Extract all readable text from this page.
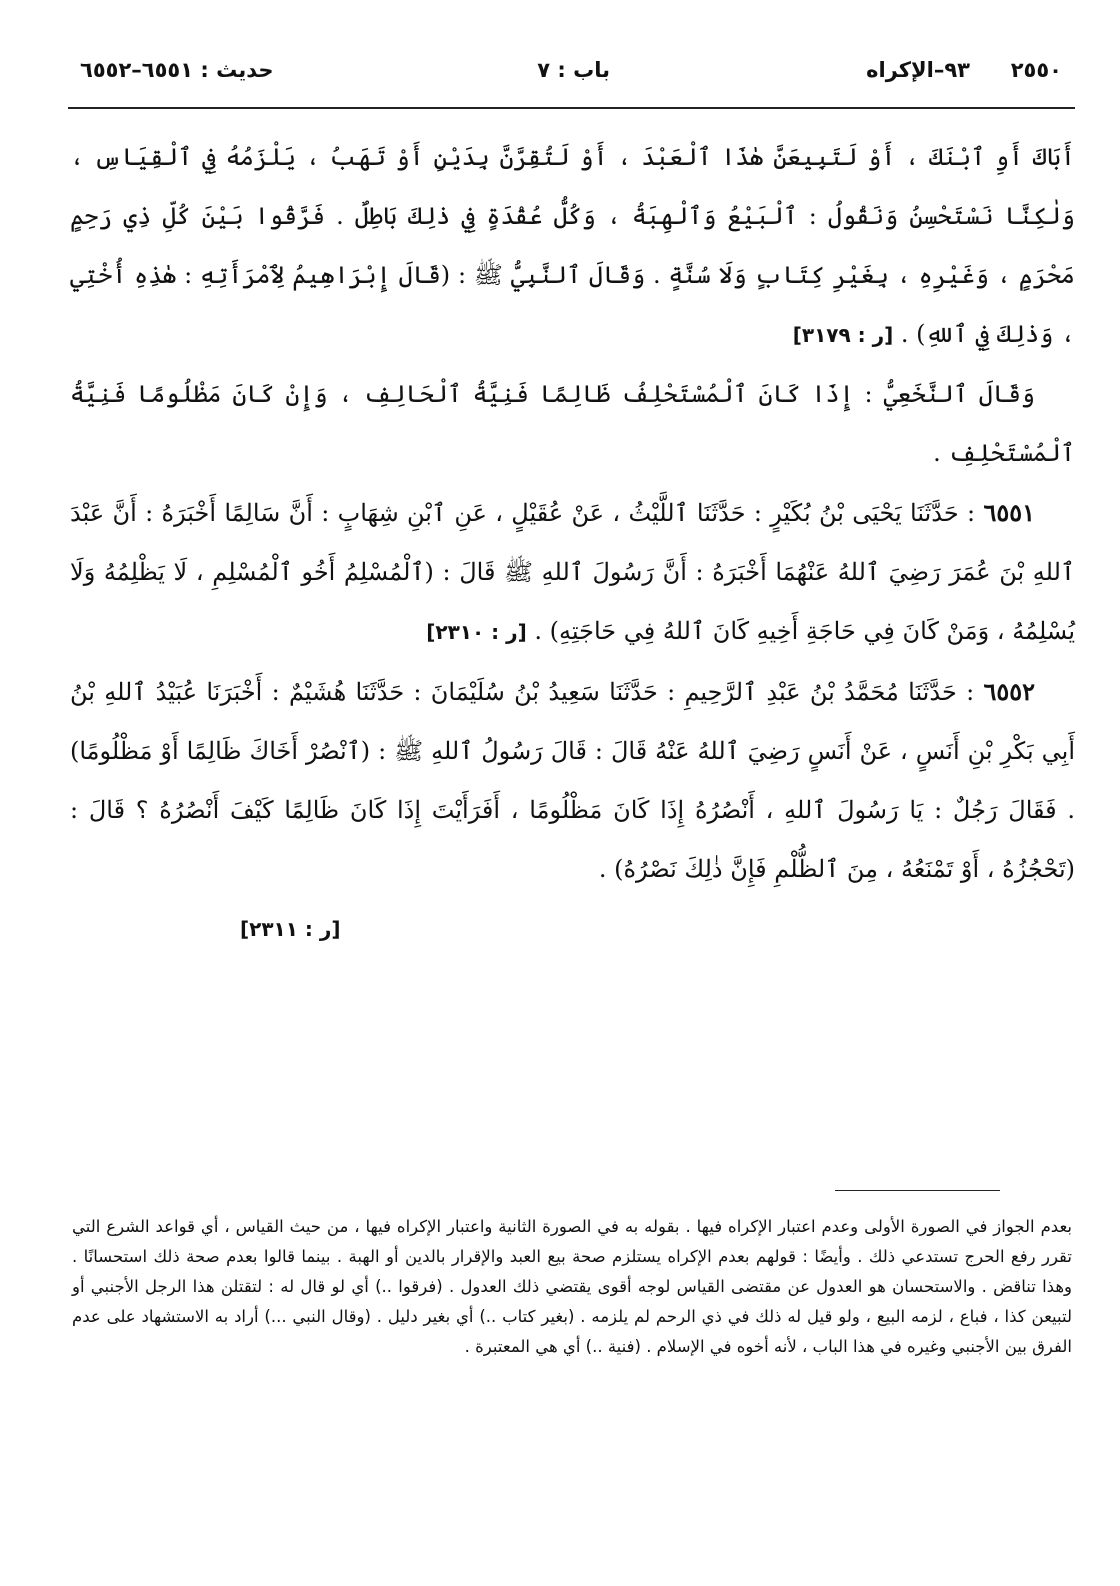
٢٥٥٠
٩٣–الإكراه
باب : ٧
حديث : ٦٥٥١–٦٥٥٢

أَبَاكَ أَوِ ٱبْنَكَ ، أَوْ لَتَبِيعَنَّ هٰذَا ٱلْعَبْدَ ، أَوْ لَتُقِرَّنَّ بِدَيْنٍ أَوْ تَهَبُ ، يَلْزَمُهُ فِي ٱلْقِيَاسِ ، وَلٰكِنَّا نَسْتَحْسِنُ وَنَقُولُ : ٱلْبَيْعُ وَٱلْهِبَةُ ، وَكُلُّ عُقْدَةٍ فِي ذٰلِكَ بَاطِلٌ . فَرَّقُوا بَيْنَ كُلِّ ذِي رَحِمٍ مَحْرَمٍ ، وَغَيْرِهِ ، بِغَيْرِ كِتَابٍ وَلَا سُنَّةٍ . وَقَالَ ٱلنَّبِيُّ ﷺ : (قَالَ إِبْرَاهِيمُ لِٱمْرَأَتِهِ : هٰذِهِ أُخْتِي ، وَذٰلِكَ فِي ٱللهِ) . [ر : ٣١٧٩]

وَقَالَ ٱلنَّخَعِيُّ : إِذَا كَانَ ٱلْمُسْتَحْلِفُ ظَالِمًا فَنِيَّةُ ٱلْحَالِفِ ، وَإِنْ كَانَ مَظْلُومًا فَنِيَّةُ ٱلْمُسْتَحْلِفِ .

٦٥٥١ : حَدَّثَنَا يَحْيَى بْنُ بُكَيْرٍ : حَدَّثَنَا ٱللَّيْثُ ، عَنْ عُقَيْلٍ ، عَنِ ٱبْنِ شِهَابٍ : أَنَّ سَالِمًا أَخْبَرَهُ : أَنَّ عَبْدَ ٱللهِ بْنَ عُمَرَ رَضِيَ ٱللهُ عَنْهُمَا أَخْبَرَهُ : أَنَّ رَسُولَ ٱللهِ ﷺ قَالَ : (ٱلْمُسْلِمُ أَخُو ٱلْمُسْلِمِ ، لَا يَظْلِمُهُ وَلَا يُسْلِمُهُ ، وَمَنْ كَانَ فِي حَاجَةِ أَخِيهِ كَانَ ٱللهُ فِي حَاجَتِهِ) . [ر : ٢٣١٠]

٦٥٥٢ : حَدَّثَنَا مُحَمَّدُ بْنُ عَبْدِ ٱلرَّحِيمِ : حَدَّثَنَا سَعِيدُ بْنُ سُلَيْمَانَ : حَدَّثَنَا هُشَيْمٌ : أَخْبَرَنَا عُبَيْدُ ٱللهِ بْنُ أَبِي بَكْرِ بْنِ أَنَسٍ ، عَنْ أَنَسٍ رَضِيَ ٱللهُ عَنْهُ قَالَ : قَالَ رَسُولُ ٱللهِ ﷺ : (ٱنْصُرْ أَخَاكَ ظَالِمًا أَوْ مَظْلُومًا) . فَقَالَ رَجُلٌ : يَا رَسُولَ ٱللهِ ، أَنْصُرُهُ إِذَا كَانَ مَظْلُومًا ، أَفَرَأَيْتَ إِذَا كَانَ ظَالِمًا كَيْفَ أَنْصُرُهُ ؟ قَالَ : (تَحْجُزُهُ ، أَوْ تَمْنَعُهُ ، مِنَ ٱلظُّلْمِ فَإِنَّ ذٰلِكَ نَصْرُهُ) .

[ر : ٢٣١١]

بعدم الجواز في الصورة الأولى وعدم اعتبار الإكراه فيها . بقوله به في الصورة الثانية واعتبار الإكراه فيها ، من حيث القياس ، أي قواعد الشرع التي تقرر رفع الحرج تستدعي ذلك . وأيضًا : قولهم بعدم الإكراه يستلزم صحة بيع العبد والإقرار بالدين أو الهبة . بينما قالوا بعدم صحة ذلك استحسانًا . وهذا تناقض . والاستحسان هو العدول عن مقتضى القياس لوجه أقوى يقتضي ذلك العدول . (فرقوا ..) أي لو قال له : لتقتلن هذا الرجل الأجنبي أو لتبيعن كذا ، فباع ، لزمه البيع ، ولو قيل له ذلك في ذي الرحم لم يلزمه . (بغير كتاب ..) أي بغير دليل . (وقال النبي ...) أراد به الاستشهاد على عدم الفرق بين الأجنبي وغيره في هذا الباب ، لأنه أخوه في الإسلام . (فنية ..) أي هي المعتبرة .
